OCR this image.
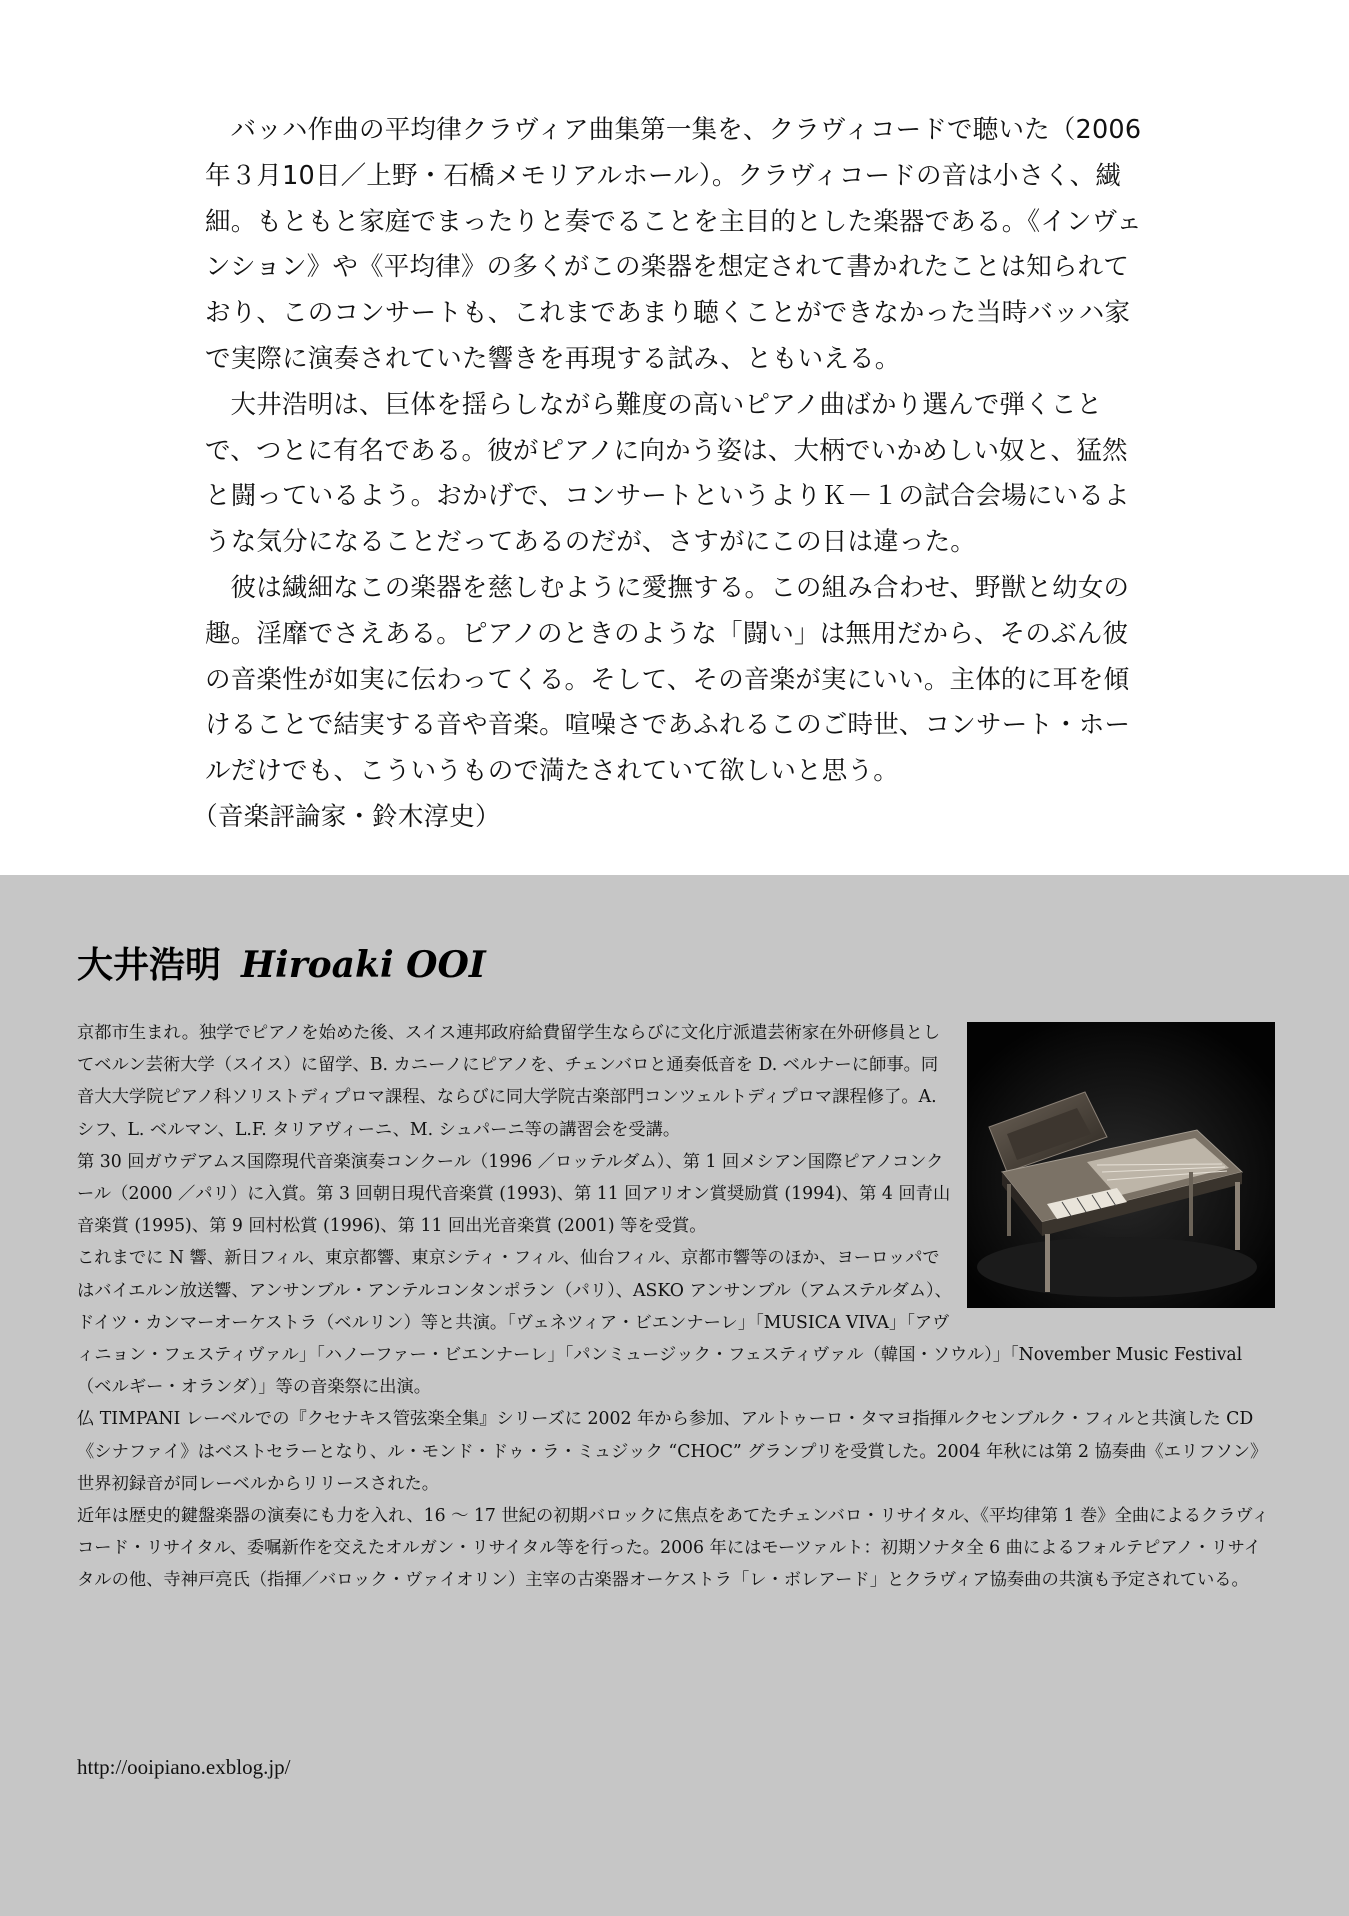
バッハ作曲の平均律クラヴィア曲集第一集を、クラヴィコードで聴いた（2006年３月10日／上野・石橋メモリアルホール）。クラヴィコードの音は小さく、繊細。もともと家庭でまったりと奏でることを主目的とした楽器である。《インヴェンション》や《平均律》の多くがこの楽器を想定されて書かれたことは知られており、このコンサートも、これまであまり聴くことができなかった当時バッハ家で実際に演奏されていた響きを再現する試み、ともいえる。

大井浩明は、巨体を揺らしながら難度の高いピアノ曲ばかり選んで弾くことで、つとに有名である。彼がピアノに向かう姿は、大柄でいかめしい奴と、猛然と闘っているよう。おかげで、コンサートというよりＫ－１の試合会場にいるような気分になることだってあるのだが、さすがにこの日は違った。

彼は繊細なこの楽器を慈しむように愛撫する。この組み合わせ、野獣と幼女の趣。淫靡でさえある。ピアノのときのような「闘い」は無用だから、そのぶん彼の音楽性が如実に伝わってくる。そして、その音楽が実にいい。主体的に耳を傾けることで結実する音や音楽。喧噪さであふれるこのご時世、コンサート・ホールだけでも、こういうもので満たされていて欲しいと思う。（音楽評論家・鈴木淳史）

大井浩明 Hiroaki OOI

京都市生まれ。独学でピアノを始めた後、スイス連邦政府給費留学生ならびに文化庁派遣芸術家在外研修員としてベルン芸術大学（スイス）に留学、B. カニーノにピアノを、チェンバロと通奏低音を D. ベルナーに師事。同音大大学院ピアノ科ソリストディプロマ課程、ならびに同大学院古楽部門コンツェルトディプロマ課程修了。A. シフ、L. ベルマン、L.F. タリアヴィーニ、M. シュパーニ等の講習会を受講。

第 30 回ガウデアムス国際現代音楽演奏コンクール（1996 ／ロッテルダム）、第 1 回メシアン国際ピアノコンクール（2000 ／パリ）に入賞。第 3 回朝日現代音楽賞 (1993)、第 11 回アリオン賞奨励賞 (1994)、第 4 回青山音楽賞 (1995)、第 9 回村松賞 (1996)、第 11 回出光音楽賞 (2001) 等を受賞。

これまでに N 響、新日フィル、東京都響、東京シティ・フィル、仙台フィル、京都市響等のほか、ヨーロッパではバイエルン放送響、アンサンブル・アンテルコンタンポラン（パリ）、ASKO アンサンブル（アムステルダム）、ドイツ・カンマーオーケストラ（ベルリン）等と共演。「ヴェネツィア・ビエンナーレ」「MUSICA VIVA」「アヴィニョン・フェスティヴァル」「ハノーファー・ビエンナーレ」「パンミュージック・フェスティヴァル（韓国・ソウル）」「November Music Festival（ベルギー・オランダ）」等の音楽祭に出演。

仏 TIMPANI レーベルでの『クセナキス管弦楽全集』シリーズに 2002 年から参加、アルトゥーロ・タマヨ指揮ルクセンブルク・フィルと共演した CD《シナファイ》はベストセラーとなり、ル・モンド・ドゥ・ラ・ミュジック “CHOC” グランプリを受賞した。2004 年秋には第 2 協奏曲《エリフソン》世界初録音が同レーベルからリリースされた。

近年は歴史的鍵盤楽器の演奏にも力を入れ、16 ～ 17 世紀の初期バロックに焦点をあてたチェンバロ・リサイタル、《平均律第 1 巻》全曲によるクラヴィコード・リサイタル、委嘱新作を交えたオルガン・リサイタル等を行った。2006 年にはモーツァルト：初期ソナタ全 6 曲によるフォルテピアノ・リサイタルの他、寺神戸亮氏（指揮／バロック・ヴァイオリン）主宰の古楽器オーケストラ「レ・ボレアード」とクラヴィア協奏曲の共演も予定されている。

http://ooipiano.exblog.jp/
